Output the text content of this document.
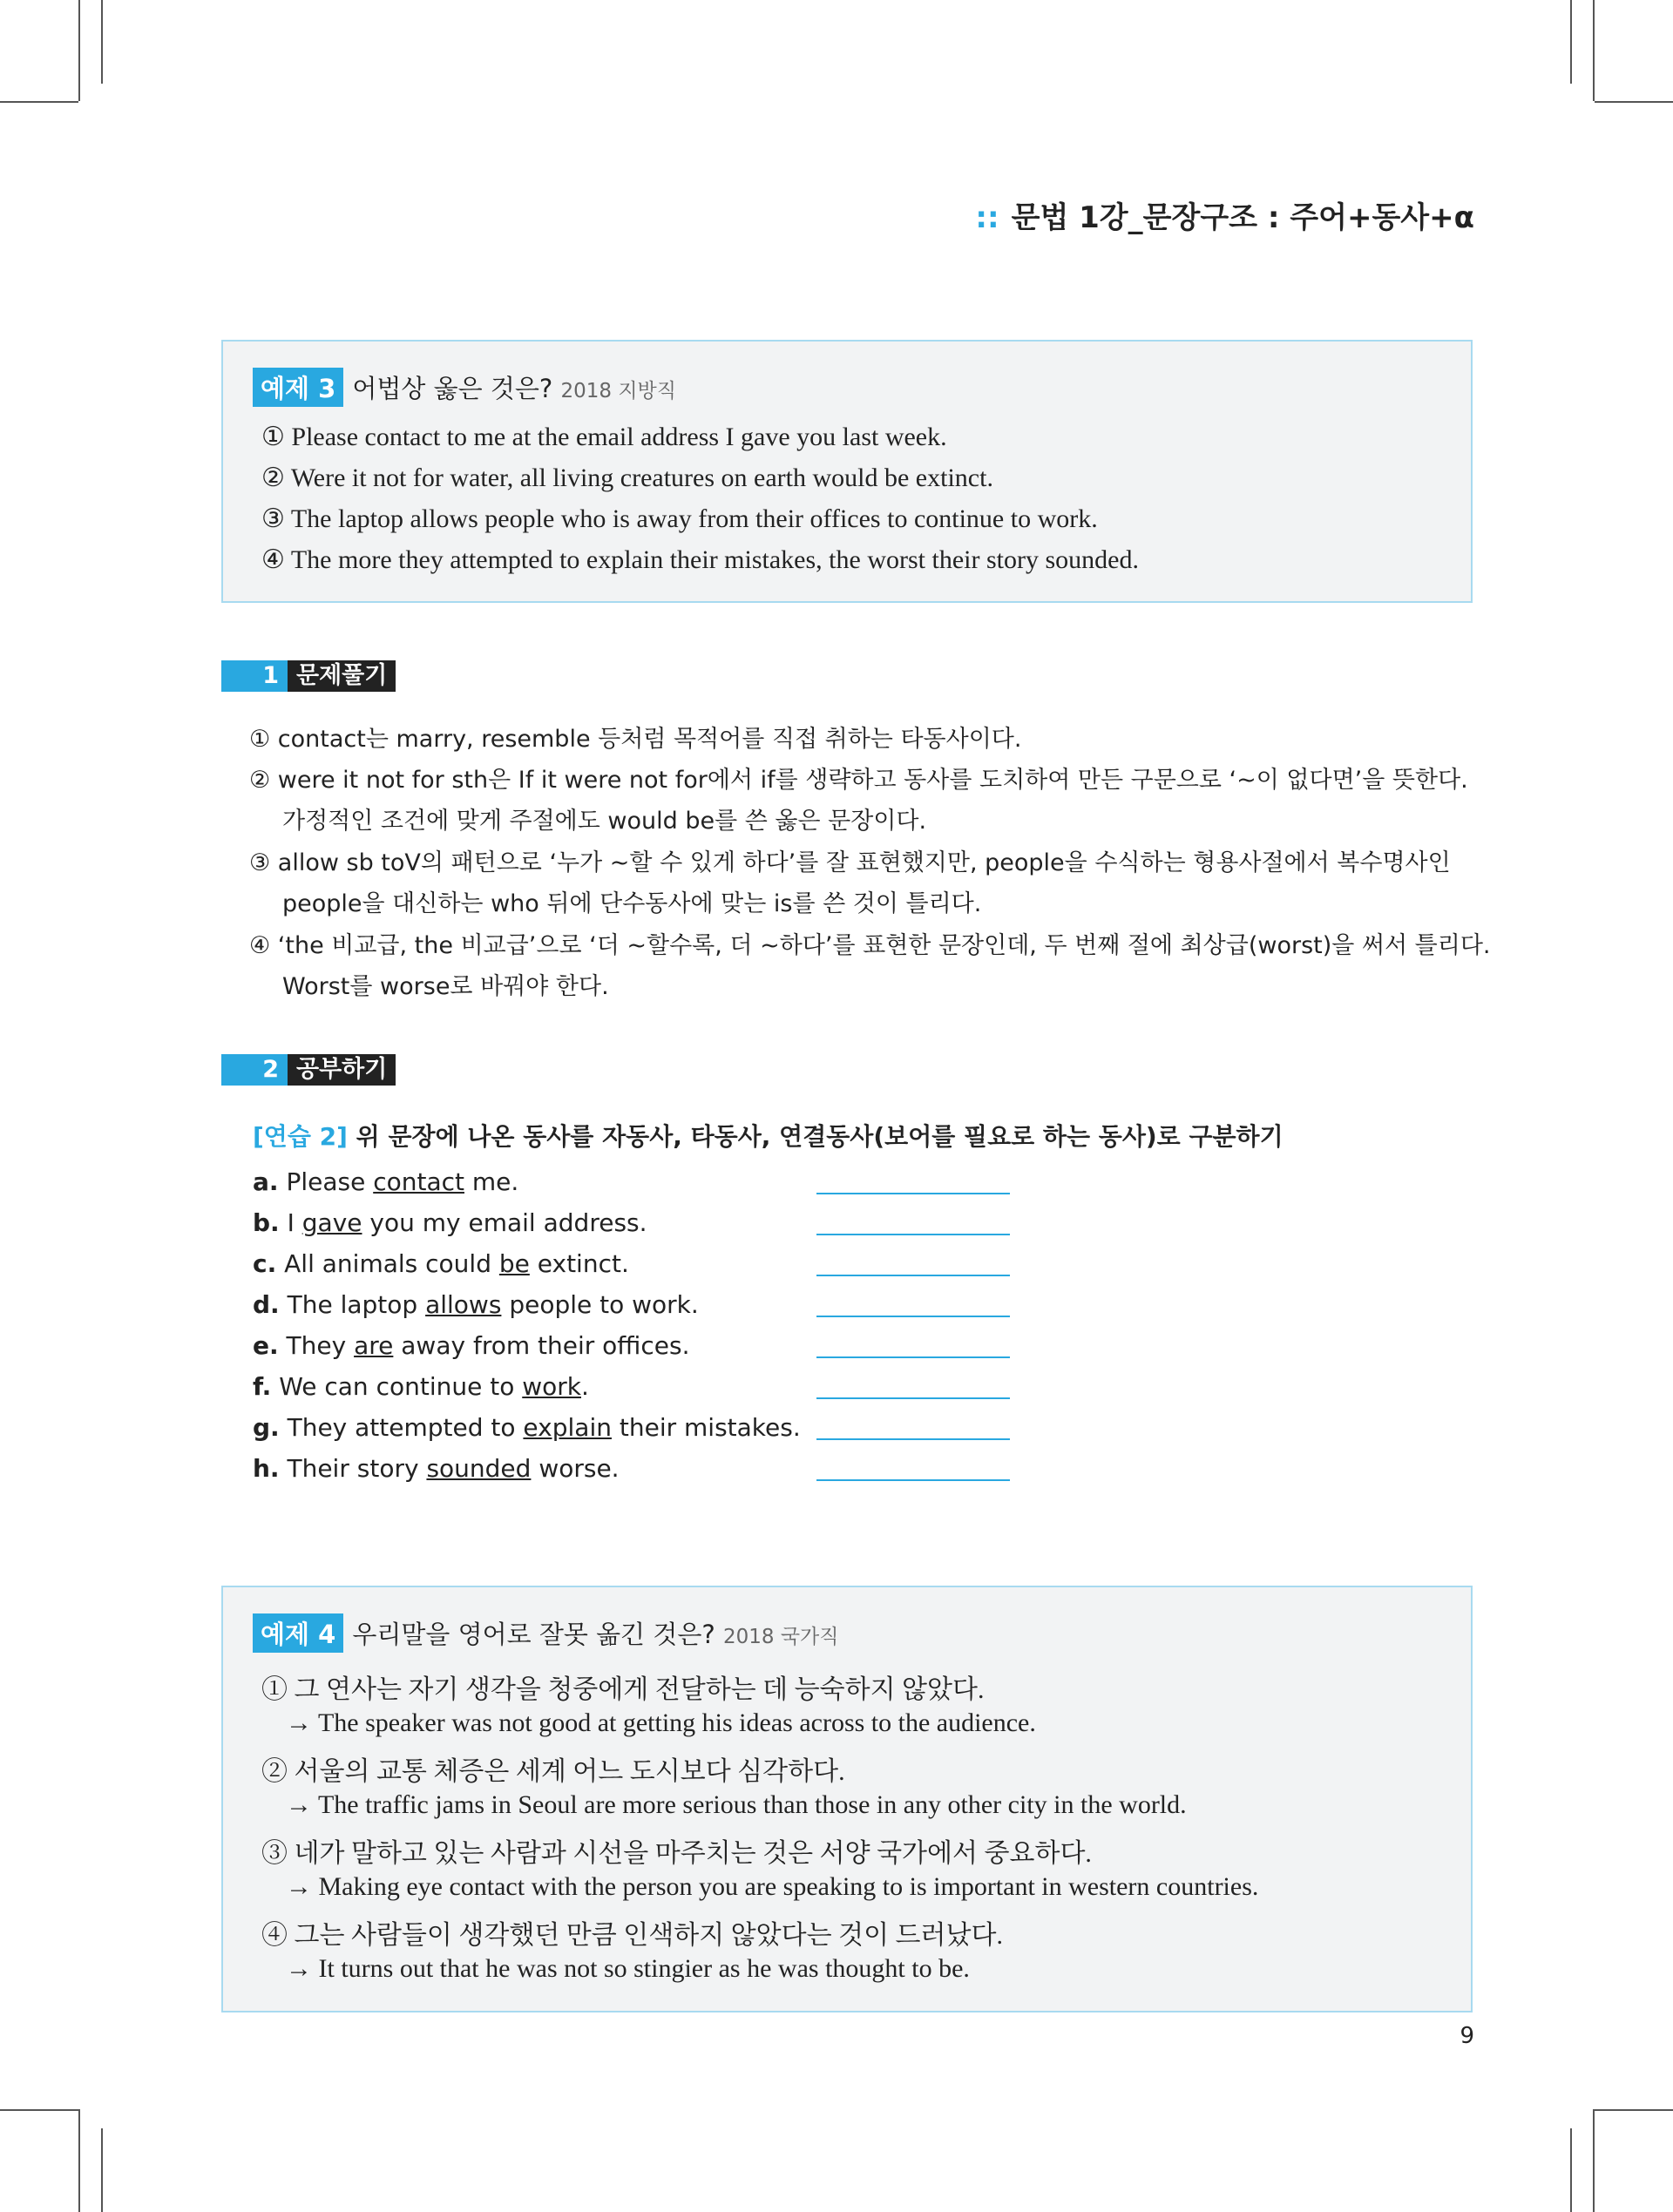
:: 문법 1강_문장구조 : 주어+동사+α
예제 3 어법상 옳은 것은? 2018 지방직
① Please contact to me at the email address I gave you last week.
② Were it not for water, all living creatures on earth would be extinct.
③ The laptop allows people who is away from their offices to continue to work.
④ The more they attempted to explain their mistakes, the worst their story sounded.
1 문제풀기
① contact는 marry, resemble 등처럼 목적어를 직접 취하는 타동사이다.
② were it not for sth은 If it were not for에서 if를 생략하고 동사를 도치하여 만든 구문으로 ‘~이 없다면’을 뜻한다.
가정적인 조건에 맞게 주절에도 would be를 쓴 옳은 문장이다.
③ allow sb toV의 패턴으로 ‘누가 ~할 수 있게 하다’를 잘 표현했지만, people을 수식하는 형용사절에서 복수명사인
people을 대신하는 who 뒤에 단수동사에 맞는 is를 쓴 것이 틀리다.
④ ‘the 비교급, the 비교급’으로 ‘더 ~할수록, 더 ~하다’를 표현한 문장인데, 두 번째 절에 최상급(worst)을 써서 틀리다.
Worst를 worse로 바꿔야 한다.
2 공부하기
[연습 2] 위 문장에 나온 동사를 자동사, 타동사, 연결동사(보어를 필요로 하는 동사)로 구분하기
a. Please contact me.
b. I gave you my email address.
c. All animals could be extinct.
d. The laptop allows people to work.
e. They are away from their offices.
f. We can continue to work.
g. They attempted to explain their mistakes.
h. Their story sounded worse.
예제 4 우리말을 영어로 잘못 옮긴 것은? 2018 국가직
① 그 연사는 자기 생각을 청중에게 전달하는 데 능숙하지 않았다.
→ The speaker was not good at getting his ideas across to the audience.
② 서울의 교통 체증은 세계 어느 도시보다 심각하다.
→ The traffic jams in Seoul are more serious than those in any other city in the world.
③ 네가 말하고 있는 사람과 시선을 마주치는 것은 서양 국가에서 중요하다.
→ Making eye contact with the person you are speaking to is important in western countries.
④ 그는 사람들이 생각했던 만큼 인색하지 않았다는 것이 드러났다.
→ It turns out that he was not so stingier as he was thought to be.
9
